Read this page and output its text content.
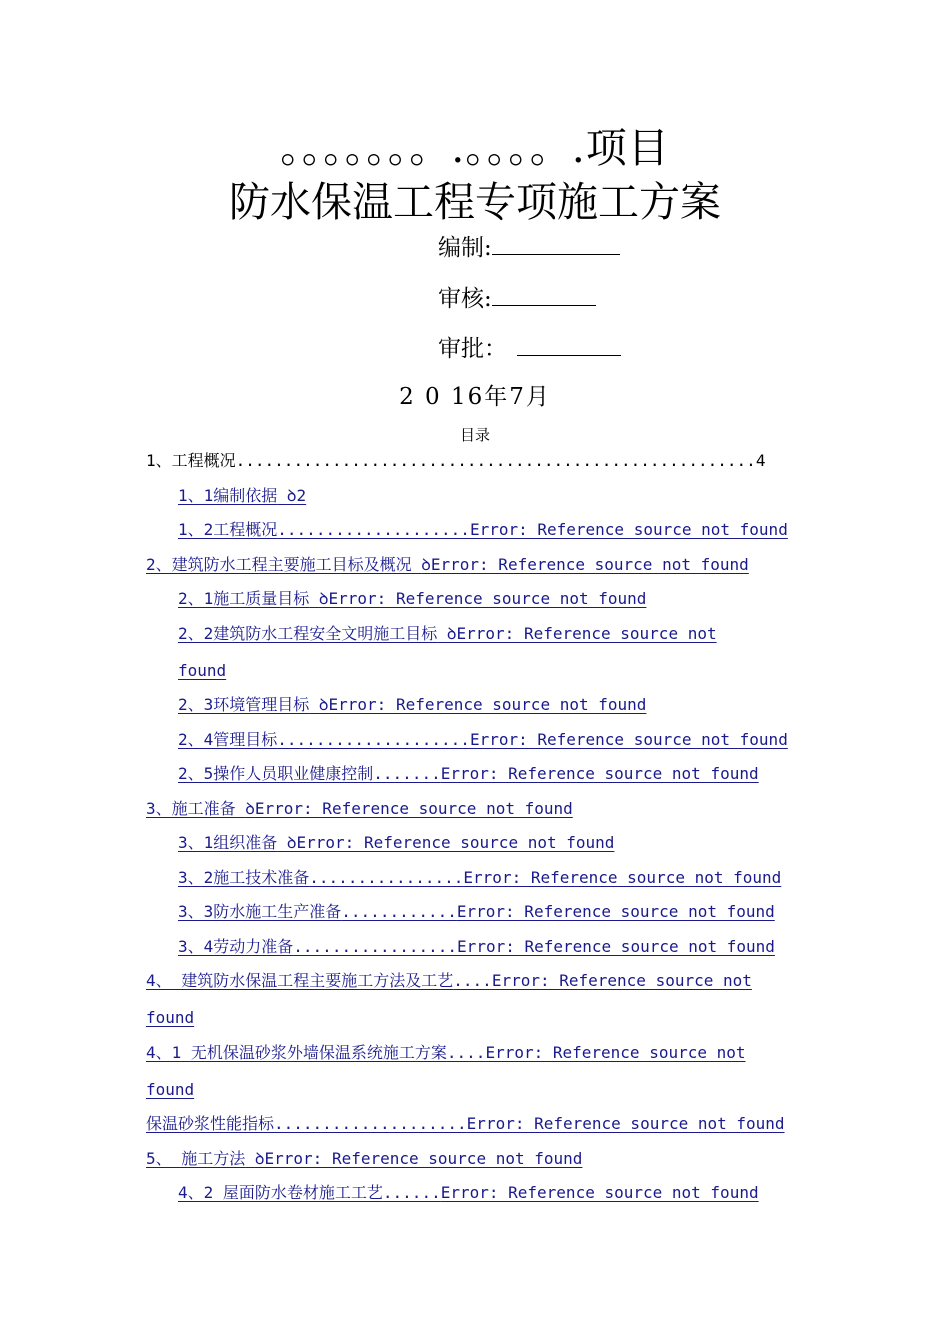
。。。。。。。.。。。。.项目
防水保温工程专项施工方案
编制:
审核:
审批：
2 0 16年7月
目录
1、工程概况......................................................4
1、1编制依据 ꝺ2
1、2工程概况....................Error: Reference source not found
2、建筑防水工程主要施工目标及概况 ꝺError: Reference source not found
2、1施工质量目标 ꝺError: Reference source not found
2、2建筑防水工程安全文明施工目标 ꝺError: Reference source not
found
2、3环境管理目标 ꝺError: Reference source not found
2、4管理目标....................Error: Reference source not found
2、5操作人员职业健康控制.......Error: Reference source not found
3、施工准备 ꝺError: Reference source not found
3、1组织准备 ꝺError: Reference source not found
3、2施工技术准备................Error: Reference source not found
3、3防水施工生产准备............Error: Reference source not found
3、4劳动力准备.................Error: Reference source not found
4、 建筑防水保温工程主要施工方法及工艺....Error: Reference source not
found
4、1 无机保温砂浆外墙保温系统施工方案....Error: Reference source not
found
保温砂浆性能指标....................Error: Reference source not found
5、 施工方法 ꝺError: Reference source not found
4、2 屋面防水卷材施工工艺......Error: Reference source not found
